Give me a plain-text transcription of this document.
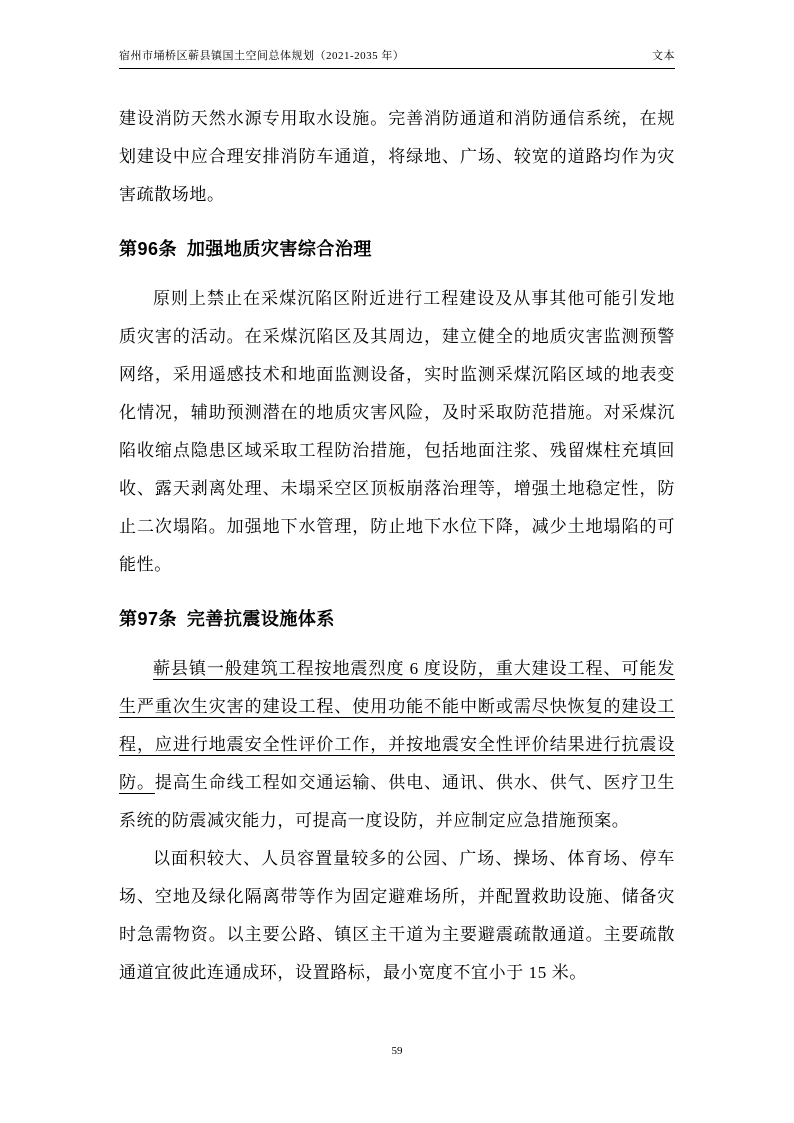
宿州市埇桥区蕲县镇国土空间总体规划（2021-2035 年）	文本

建设消防天然水源专用取水设施。完善消防通道和消防通信系统，在规划建设中应合理安排消防车通道，将绿地、广场、较宽的道路均作为灾害疏散场地。

第96条 加强地质灾害综合治理

原则上禁止在采煤沉陷区附近进行工程建设及从事其他可能引发地质灾害的活动。在采煤沉陷区及其周边，建立健全的地质灾害监测预警网络，采用遥感技术和地面监测设备，实时监测采煤沉陷区域的地表变化情况，辅助预测潜在的地质灾害风险，及时采取防范措施。对采煤沉陷收缩点隐患区域采取工程防治措施，包括地面注浆、残留煤柱充填回收、露天剥离处理、未塌采空区顶板崩落治理等，增强土地稳定性，防止二次塌陷。加强地下水管理，防止地下水位下降，减少土地塌陷的可能性。

第97条 完善抗震设施体系

蕲县镇一般建筑工程按地震烈度 6 度设防，重大建设工程、可能发生严重次生灾害的建设工程、使用功能不能中断或需尽快恢复的建设工程，应进行地震安全性评价工作，并按地震安全性评价结果进行抗震设防。提高生命线工程如交通运输、供电、通讯、供水、供气、医疗卫生系统的防震减灾能力，可提高一度设防，并应制定应急措施预案。

以面积较大、人员容置量较多的公园、广场、操场、体育场、停车场、空地及绿化隔离带等作为固定避难场所，并配置救助设施、储备灾时急需物资。以主要公路、镇区主干道为主要避震疏散通道。主要疏散通道宜彼此连通成环，设置路标，最小宽度不宜小于 15 米。

59
